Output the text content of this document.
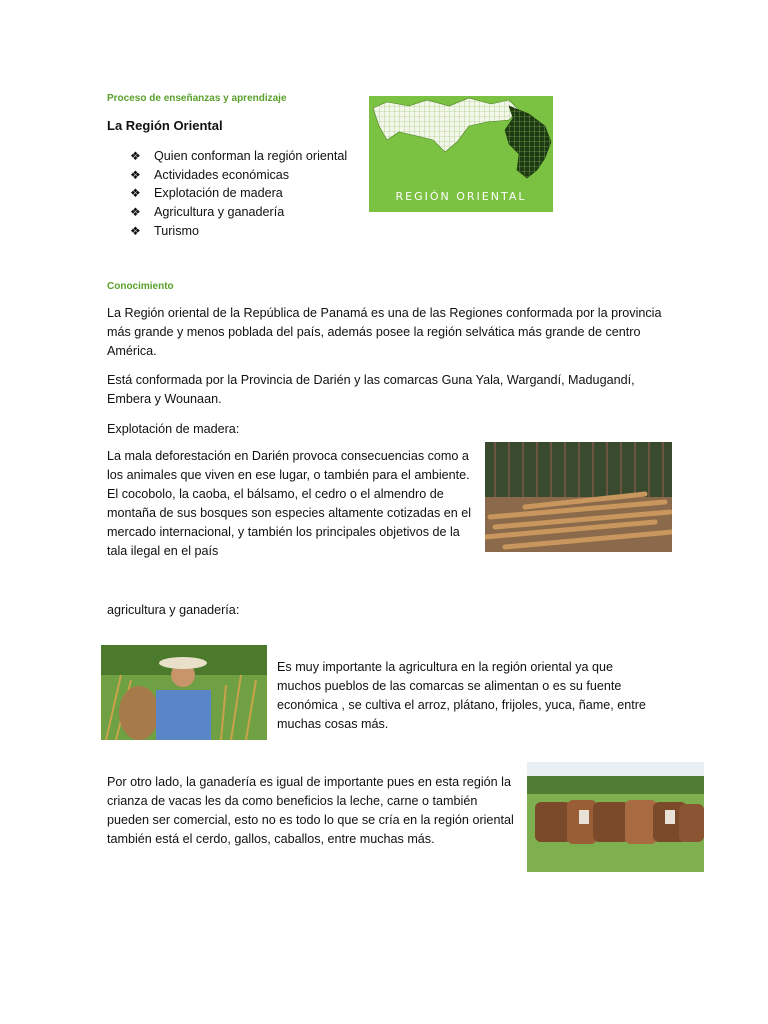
Proceso de enseñanzas y aprendizaje
La Región Oriental
❖ Quien conforman la región oriental
❖ Actividades económicas
❖ Explotación de madera
❖ Agricultura y ganadería
❖ Turismo
REGIÓN ORIENTAL
Conocimiento

La Región oriental de la República de Panamá es una de las Regiones conformada por la provincia más grande y menos poblada del país, además posee la región selvática más grande de centro América.

Está conformada por la Provincia de Darién y las comarcas Guna Yala, Wargandí, Madugandí, Embera y Wounaan.

Explotación de madera:

La mala deforestación en Darién provoca consecuencias como a los animales que viven en ese lugar, o también para el ambiente. El cocobolo, la caoba, el bálsamo, el cedro o el almendro de montaña de sus bosques son especies altamente cotizadas en el mercado internacional, y también los principales objetivos de la tala ilegal en el país

agricultura y ganadería:

Es muy importante la agricultura en la región oriental ya que muchos pueblos de las comarcas se alimentan o es su fuente económica , se cultiva el arroz, plátano, frijoles, yuca, ñame, entre muchas cosas más.

Por otro lado, la ganadería es igual de importante pues en esta región la crianza de vacas les da como beneficios la leche, carne o también pueden ser comercial, esto no es todo lo que se cría en la región oriental también está el cerdo, gallos, caballos, entre muchas más.
